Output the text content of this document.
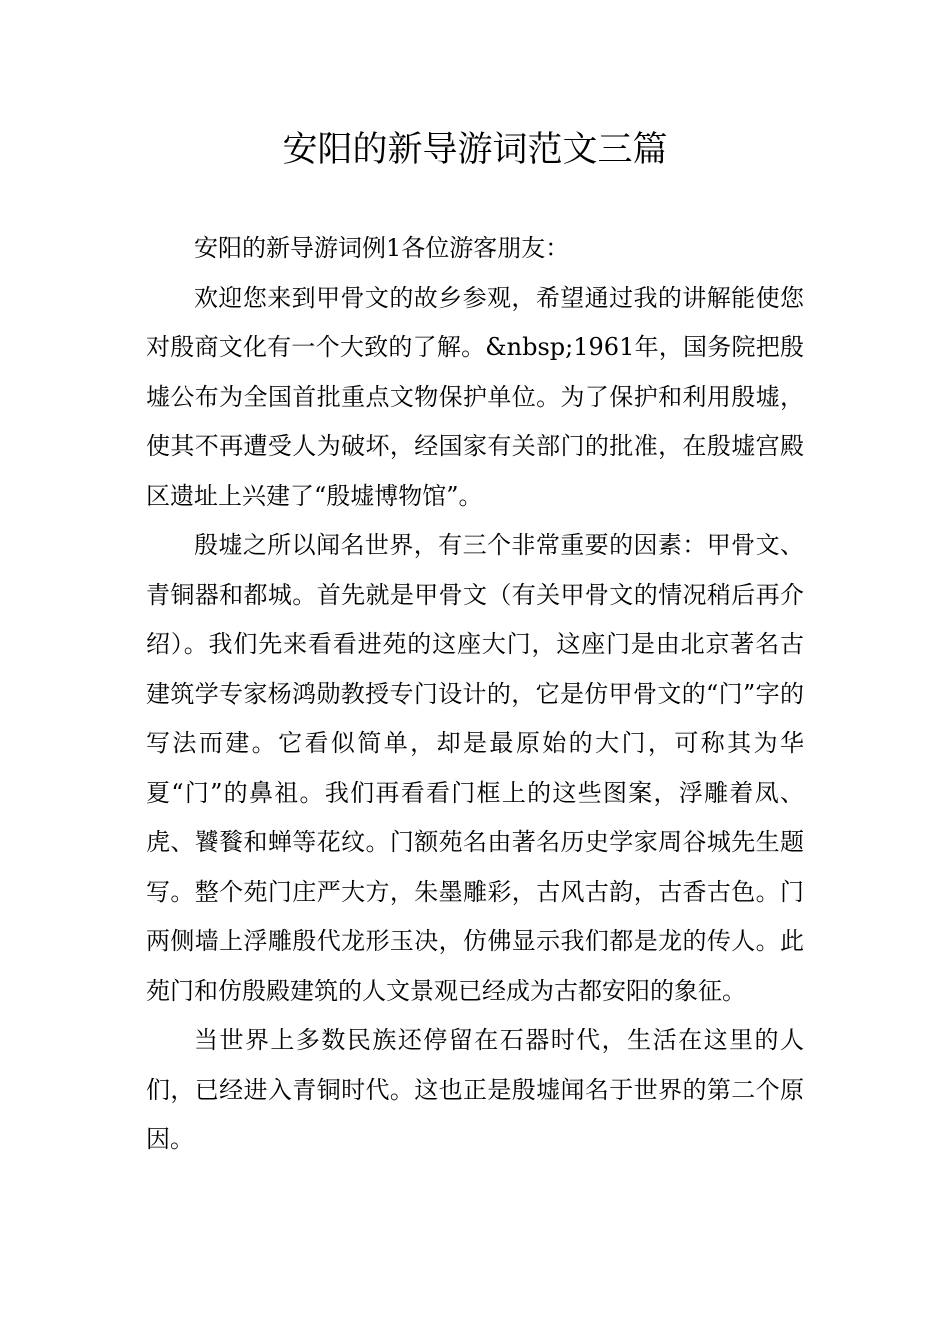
安阳的新导游词范文三篇

安阳的新导游词例1各位游客朋友：

欢迎您来到甲骨文的故乡参观，希望通过我的讲解能使您对殷商文化有一个大致的了解。&nbsp;1961年，国务院把殷墟公布为全国首批重点文物保护单位。为了保护和利用殷墟，使其不再遭受人为破坏，经国家有关部门的批准，在殷墟宫殿区遗址上兴建了“殷墟博物馆”。

殷墟之所以闻名世界，有三个非常重要的因素：甲骨文、青铜器和都城。首先就是甲骨文（有关甲骨文的情况稍后再介绍）。我们先来看看进苑的这座大门，这座门是由北京著名古建筑学专家杨鸿勋教授专门设计的，它是仿甲骨文的“门”字的写法而建。它看似简单，却是最原始的大门，可称其为华夏“门”的鼻祖。我们再看看门框上的这些图案，浮雕着凤、虎、饕餮和蝉等花纹。门额苑名由著名历史学家周谷城先生题写。整个苑门庄严大方，朱墨雕彩，古风古韵，古香古色。门两侧墙上浮雕殷代龙形玉决，仿佛显示我们都是龙的传人。此苑门和仿殷殿建筑的人文景观已经成为古都安阳的象征。

当世界上多数民族还停留在石器时代，生活在这里的人们，已经进入青铜时代。这也正是殷墟闻名于世界的第二个原因。
